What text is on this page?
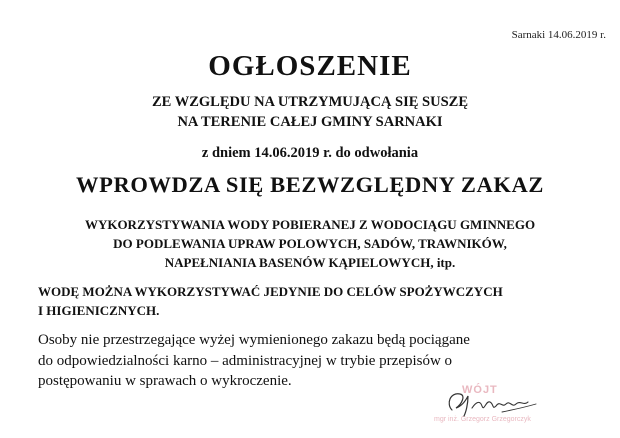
Sarnaki 14.06.2019 r.
OGŁOSZENIE
ZE WZGLĘDU NA UTRZYMUJĄCĄ SIĘ SUSZĘ
NA TERENIE CAŁEJ GMINY SARNAKI
z dniem 14.06.2019 r. do odwołania
WPROWDZA SIĘ BEZWZGLĘDNY ZAKAZ
WYKORZYSTYWANIA WODY POBIERANEJ Z WODOCIĄGU GMINNEGO
DO PODLEWANIA UPRAW POLOWYCH, SADÓW, TRAWNIKÓW,
NAPEŁNIANIA BASENÓW KĄPIELOWYCH, itp.
WODĘ MOŻNA WYKORZYSTYWAĆ JEDYNIE DO CELÓW SPOŻYWCZYCH
I HIGIENICZNYCH.
Osoby nie przestrzegające wyżej wymienionego zakazu będą pociągane
do odpowiedzialności karno – administracyjnej w trybie przepisów o
postępowaniu w sprawach o wykroczenie.
WÓJT
mgr inż. Grzegorz Grzegorczyk
